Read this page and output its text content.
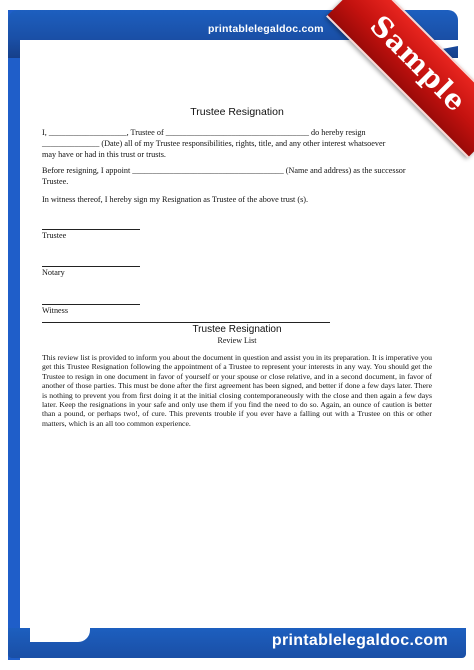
printablelegaldoc.com
Trustee Resignation
I, ___________________, Trustee of ___________________________________ do hereby resign
______________ (Date) all of my Trustee responsibilities, rights, title, and any other interest whatsoever
may have or had in this trust or trusts.
Before resigning, I appoint _____________________________________ (Name and address) as the successor
Trustee.
In witness thereof, I hereby sign my Resignation as Trustee of the above trust (s).
Trustee
Notary
Witness
Trustee Resignation
Review List
This review list is provided to inform you about the document in question and assist you in its preparation. It is imperative you get this Trustee Resignation following the appointment of a Trustee to represent your interests in any way. You should get the Trustee to resign in one document in favor of yourself or your spouse or close relative, and in a second document, in favor of another of those parties. This must be done after the first agreement has been signed, and better if done a few days later. There is nothing to prevent you from first doing it at the initial closing contemporaneously with the close and then again a few days later. Keep the resignations in your safe and only use them if you find the need to do so. Again, an ounce of caution is better than a pound, or perhaps two!, of cure. This prevents trouble if you ever have a falling out with a Trustee on this or other matters, which is an all too common experience.
Sample
printablelegaldoc.com
